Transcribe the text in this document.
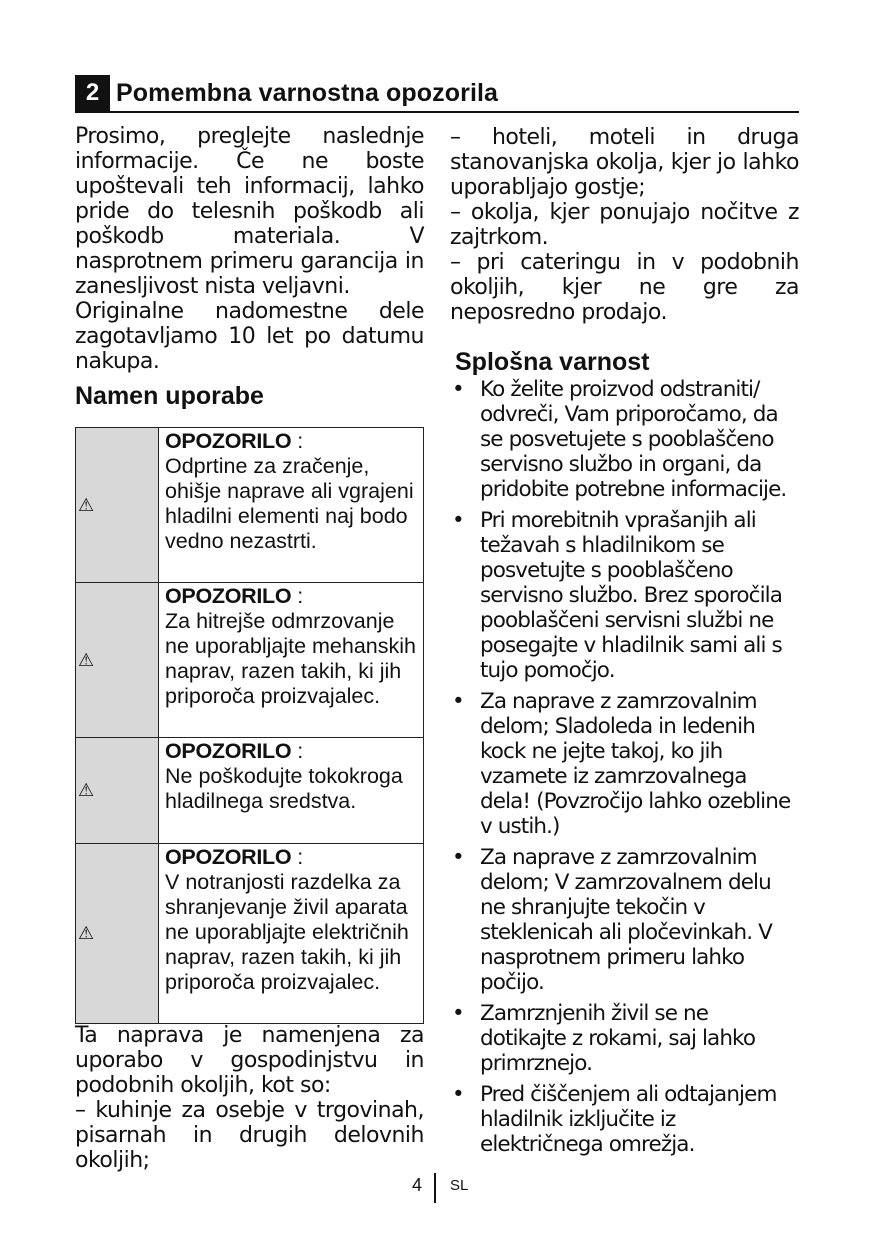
2 Pomembna varnostna opozorila

Prosimo, preglejte naslednje informacije. Če ne boste upoštevali teh informacij, lahko pride do telesnih poškodb ali poškodb materiala. V nasprotnem primeru garancija in zanesljivost nista veljavni.

Originalne nadomestne dele zagotavljamo 10 let po datumu nakupa.

Namen uporabe
⚠	OPOZORILO :
Odprtine za zračenje, ohišje naprave ali vgrajeni hladilni elementi naj bodo vedno nezastrti.
⚠	OPOZORILO :
Za hitrejše odmrzovanje ne uporabljajte mehanskih naprav, razen takih, ki jih priporoča proizvajalec.
⚠	OPOZORILO :
Ne poškodujte tokokroga hladilnega sredstva.
⚠	OPOZORILO :
V notranjosti razdelka za shranjevanje živil aparata ne uporabljajte električnih naprav, razen takih, ki jih priporoča proizvajalec.

Ta naprava je namenjena za uporabo v gospodinjstvu in podobnih okoljih, kot so:

– kuhinje za osebje v trgovinah, pisarnah in drugih delovnih okoljih;

– hoteli, moteli in druga stanovanjska okolja, kjer jo lahko uporabljajo gostje;

– okolja, kjer ponujajo nočitve z zajtrkom.

– pri cateringu in v podobnih okoljih, kjer ne gre za neposredno prodajo.

Splošna varnost
• Ko želite proizvod odstraniti/ odvreči, Vam priporočamo, da se posvetujete s pooblaščeno servisno službo in organi, da pridobite potrebne informacije.
• Pri morebitnih vprašanjih ali težavah s hladilnikom se posvetujte s pooblaščeno servisno službo. Brez sporočila pooblaščeni servisni službi ne posegajte v hladilnik sami ali s tujo pomočjo.
• Za naprave z zamrzovalnim delom; Sladoleda in ledenih kock ne jejte takoj, ko jih vzamete iz zamrzovalnega dela! (Povzročijo lahko ozebline v ustih.)
• Za naprave z zamrzovalnim delom; V zamrzovalnem delu ne shranjujte tekočin v steklenicah ali pločevinkah. V nasprotnem primeru lahko počijo.
• Zamrznjenih živil se ne dotikajte z rokami, saj lahko primrznejo.
• Pred čiščenjem ali odtajanjem hladilnik izključite iz električnega omrežja.
4 SL
